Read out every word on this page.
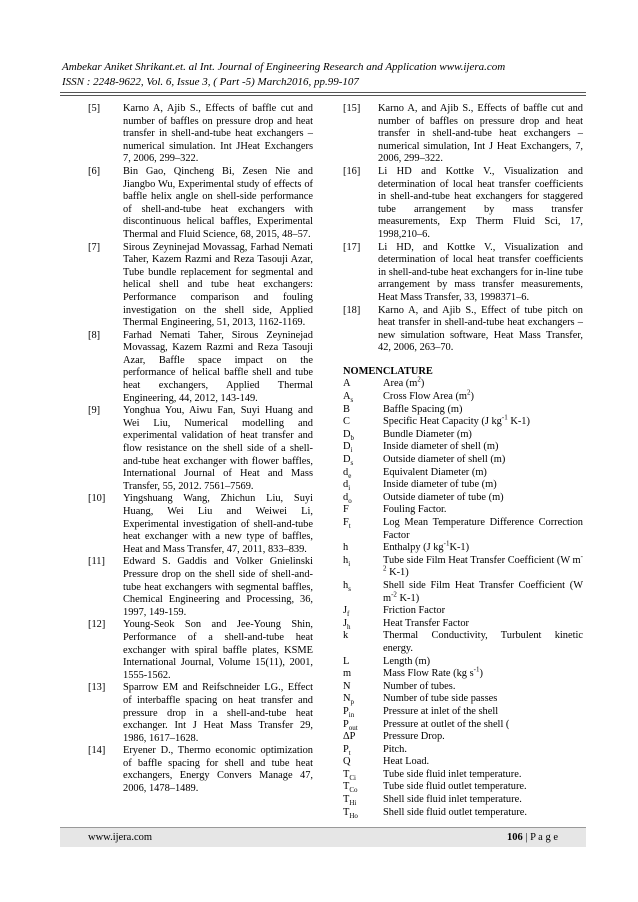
Ambekar Aniket Shrikant.et. al Int. Journal of Engineering Research and Application www.ijera.com
ISSN : 2248-9622, Vol. 6, Issue 3, ( Part -5) March2016, pp.99-107

[5] Karno A, Ajib S., Effects of baffle cut and number of baffles on pressure drop and heat transfer in shell-and-tube heat exchangers – numerical simulation. Int JHeat Exchangers 7, 2006, 299–322.

[6] Bin Gao, Qincheng Bi, Zesen Nie and Jiangbo Wu, Experimental study of effects of baffle helix angle on shell-side performance of shell-and-tube heat exchangers with discontinuous helical baffles, Experimental Thermal and Fluid Science, 68, 2015, 48–57.

[7] Sirous Zeyninejad Movassag, Farhad Nemati Taher, Kazem Razmi and Reza Tasouji Azar, Tube bundle replacement for segmental and helical shell and tube heat exchangers: Performance comparison and fouling investigation on the shell side, Applied Thermal Engineering, 51, 2013, 1162-1169.

[8] Farhad Nemati Taher, Sirous Zeyninejad Movassag, Kazem Razmi and Reza Tasouji Azar, Baffle space impact on the performance of helical baffle shell and tube heat exchangers, Applied Thermal Engineering, 44, 2012, 143-149.

[9] Yonghua You, Aiwu Fan, Suyi Huang and Wei Liu, Numerical modelling and experimental validation of heat transfer and flow resistance on the shell side of a shell-and-tube heat exchanger with flower baffles, International Journal of Heat and Mass Transfer, 55, 2012. 7561–7569.

[10] Yingshuang Wang, Zhichun Liu, Suyi Huang, Wei Liu and Weiwei Li, Experimental investigation of shell-and-tube heat exchanger with a new type of baffles, Heat and Mass Transfer, 47, 2011, 833–839.

[11] Edward S. Gaddis and Volker Gnielinski Pressure drop on the shell side of shell-and-tube heat exchangers with segmental baffles, Chemical Engineering and Processing, 36, 1997, 149-159.

[12] Young-Seok Son and Jee-Young Shin, Performance of a shell-and-tube heat exchanger with spiral baffle plates, KSME International Journal, Volume 15(11), 2001, 1555-1562.

[13] Sparrow EM and Reifschneider LG., Effect of interbaffle spacing on heat transfer and pressure drop in a shell-and-tube heat exchanger. Int J Heat Mass Transfer 29, 1986, 1617–1628.

[14] Eryener D., Thermo economic optimization of baffle spacing for shell and tube heat exchangers, Energy Convers Manage 47, 2006, 1478–1489.

[15] Karno A, and Ajib S., Effects of baffle cut and number of baffles on pressure drop and heat transfer in shell-and-tube heat exchangers – numerical simulation, Int J Heat Exchangers, 7, 2006, 299–322.

[16] Li HD and Kottke V., Visualization and determination of local heat transfer coefficients in shell-and-tube heat exchangers for staggered tube arrangement by mass transfer measurements, Exp Therm Fluid Sci, 17, 1998,210–6.

[17] Li HD, and Kottke V., Visualization and determination of local heat transfer coefficients in shell-and-tube heat exchangers for in-line tube arrangement by mass transfer measurements, Heat Mass Transfer, 33, 1998371–6.

[18] Karno A, and Ajib S., Effect of tube pitch on heat transfer in shell-and-tube heat exchangers – new simulation software, Heat Mass Transfer, 42, 2006, 263–70.

NOMENCLATURE

A	Area $(m^2)$

$A_s$	Cross Flow Area $(m^2)$

B	Baffle Spacing (m)

C	Specific Heat Capacity (J $kg^{-1}$ K-1)

$D_b$	Bundle Diameter (m)

$D_i$	Inside diameter of shell (m)

$D_s$	Outside diameter of shell (m)

$d_e$	Equivalent Diameter (m)

$d_i$	Inside diameter of tube (m)

$d_o$	Outside diameter of tube (m)

F	Fouling Factor.

$F_t$	Log Mean Temperature Difference Correction Factor

h	Enthalpy (J $kg^{-1}K-1$)

$h_i$	Tube side Film Heat Transfer Coefficient (W $m^{-2}$ K-1)

$h_s$	Shell side Film Heat Transfer Coefficient (W $m^{-2}$ K-1)

$J_f$	Friction Factor

$J_h$	Heat Transfer Factor

k	Thermal Conductivity, Turbulent kinetic energy.

L	Length (m)

m	Mass Flow Rate (kg $s^{-1}$)

N	Number of tubes.

$N_p$	Number of tube side passes

$P_{in}$	Pressure at inlet of the shell

$P_{out}$ Pressure at outlet of the shell (

ΔP	Pressure Drop.

$P_t$	Pitch.

Q	Heat Load.

$T_{Ci}$	Tube side fluid inlet temperature.

$T_{Co}$ Tube side fluid outlet temperature.

$T_{Hi}$	Shell side fluid inlet temperature.

$T_{Ho}$ Shell side fluid outlet temperature.

www.ijera.com	106 | P a g e
